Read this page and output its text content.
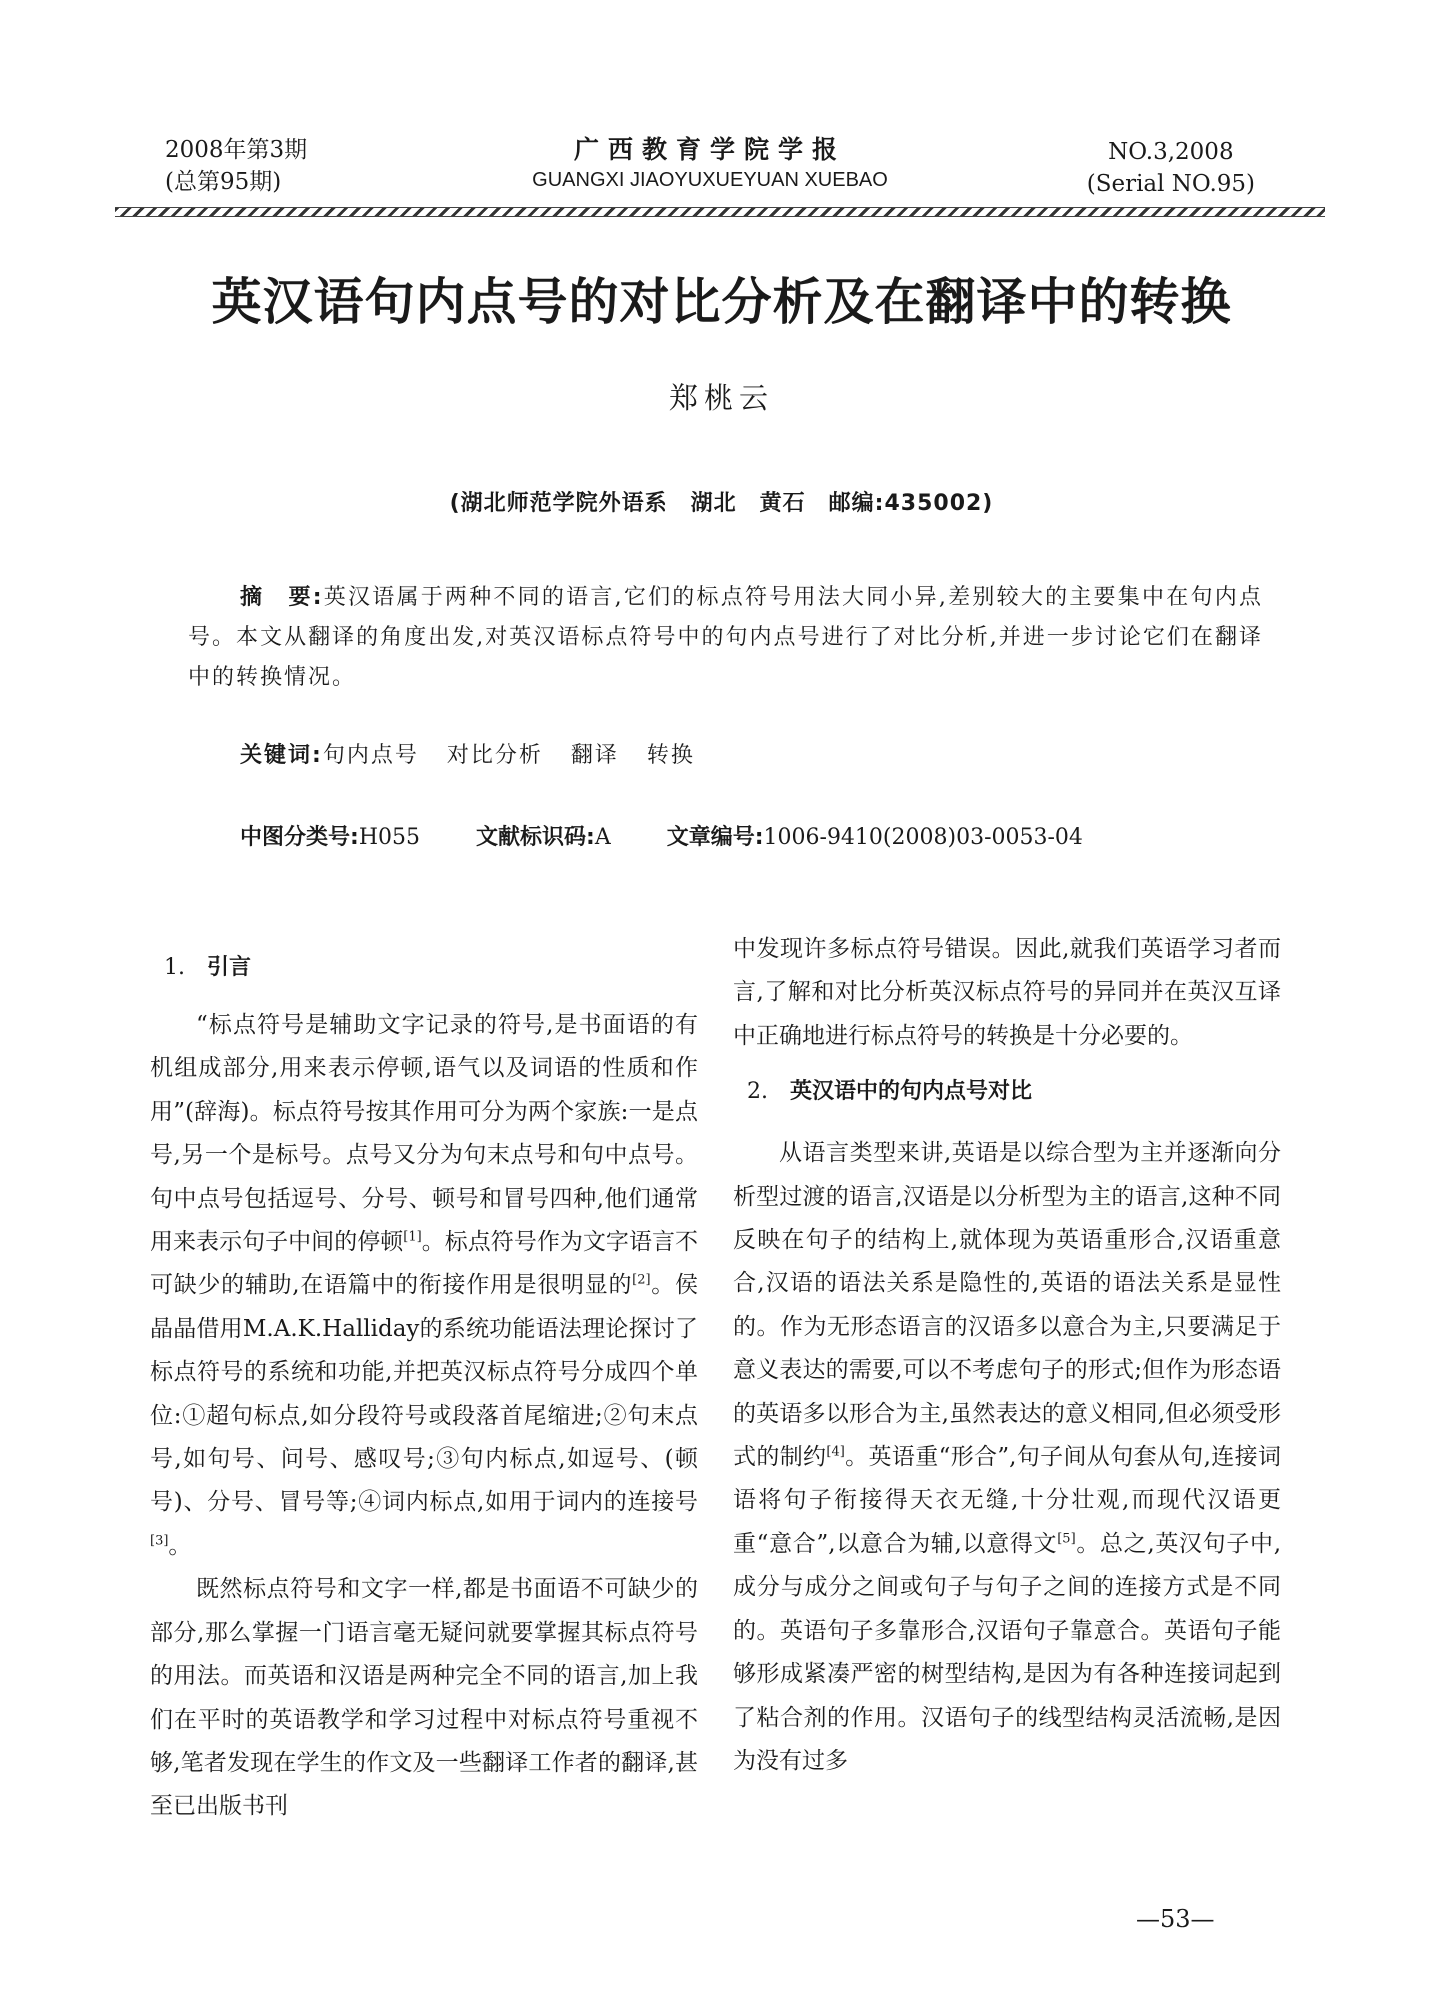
2008年第3期
(总第95期)
广西教育学院学报
GUANGXI JIAOYUXUEYUAN XUEBAO
NO.3,2008
(Serial NO.95)
英汉语句内点号的对比分析及在翻译中的转换
郑桃云
(湖北师范学院外语系　湖北　黄石　邮编:435002)
摘　要:英汉语属于两种不同的语言,它们的标点符号用法大同小异,差别较大的主要集中在句内点号。本文从翻译的角度出发,对英汉语标点符号中的句内点号进行了对比分析,并进一步讨论它们在翻译中的转换情况。
关键词:句内点号 对比分析 翻译 转换
中图分类号:H055	文献标识码:A	文章编号:1006-9410(2008)03-0053-04
1. 引言

“标点符号是辅助文字记录的符号,是书面语的有机组成部分,用来表示停顿,语气以及词语的性质和作用”(辞海)。标点符号按其作用可分为两个家族:一是点号,另一个是标号。点号又分为句末点号和句中点号。句中点号包括逗号、分号、顿号和冒号四种,他们通常用来表示句子中间的停顿[1]。标点符号作为文字语言不可缺少的辅助,在语篇中的衔接作用是很明显的[2]。侯晶晶借用M.A.K.Halliday的系统功能语法理论探讨了标点符号的系统和功能,并把英汉标点符号分成四个单位:①超句标点,如分段符号或段落首尾缩进;②句末点号,如句号、问号、感叹号;③句内标点,如逗号、(顿号)、分号、冒号等;④词内标点,如用于词内的连接号[3]。

既然标点符号和文字一样,都是书面语不可缺少的部分,那么掌握一门语言毫无疑问就要掌握其标点符号的用法。而英语和汉语是两种完全不同的语言,加上我们在平时的英语教学和学习过程中对标点符号重视不够,笔者发现在学生的作文及一些翻译工作者的翻译,甚至已出版书刊

中发现许多标点符号错误。因此,就我们英语学习者而言,了解和对比分析英汉标点符号的异同并在英汉互译中正确地进行标点符号的转换是十分必要的。

2. 英汉语中的句内点号对比

从语言类型来讲,英语是以综合型为主并逐渐向分析型过渡的语言,汉语是以分析型为主的语言,这种不同反映在句子的结构上,就体现为英语重形合,汉语重意合,汉语的语法关系是隐性的,英语的语法关系是显性的。作为无形态语言的汉语多以意合为主,只要满足于意义表达的需要,可以不考虑句子的形式;但作为形态语的英语多以形合为主,虽然表达的意义相同,但必须受形式的制约[4]。英语重“形合”,句子间从句套从句,连接词语将句子衔接得天衣无缝,十分壮观,而现代汉语更重“意合”,以意合为辅,以意得文[5]。总之,英汉句子中,成分与成分之间或句子与句子之间的连接方式是不同的。英语句子多靠形合,汉语句子靠意合。英语句子能够形成紧凑严密的树型结构,是因为有各种连接词起到了粘合剂的作用。汉语句子的线型结构灵活流畅,是因为没有过多

—53—
